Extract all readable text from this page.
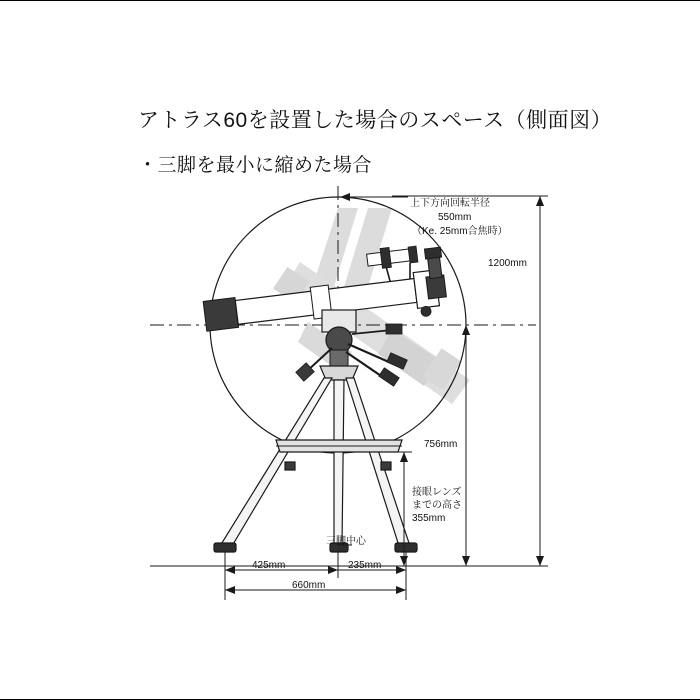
アトラス60を設置した場合のスペース（側面図）
・三脚を最小に縮めた場合
上下方向回転半径
550mm
（Ke. 25mm合焦時）
1200mm
756mm
接眼レンズ
までの高さ
355mm
三脚中心
425mm	235mm
660mm
